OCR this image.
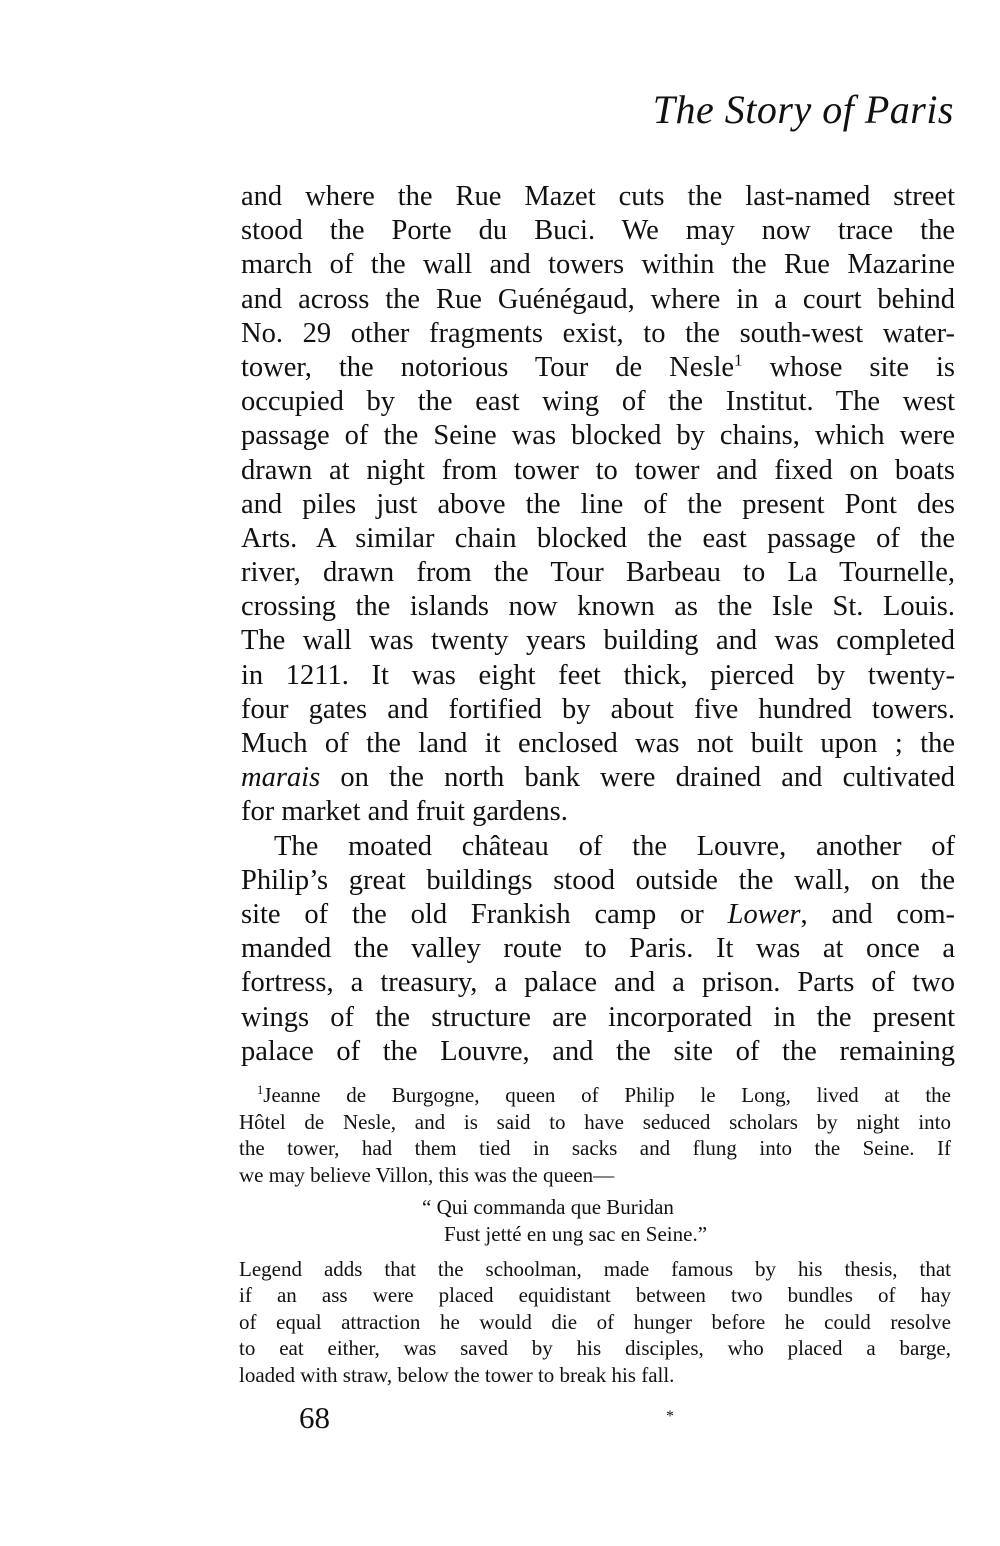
The Story of Paris
and where the Rue Mazet cuts the last-named street
stood the Porte du Buci. We may now trace the
march of the wall and towers within the Rue Mazarine
and across the Rue Guénégaud, where in a court behind
No. 29 other fragments exist, to the south-west water-
tower, the notorious Tour de Nesle$^1$ whose site is
occupied by the east wing of the Institut. The west
passage of the Seine was blocked by chains, which were
drawn at night from tower to tower and fixed on boats
and piles just above the line of the present Pont des
Arts. A similar chain blocked the east passage of the
river, drawn from the Tour Barbeau to La Tournelle,
crossing the islands now known as the Isle St. Louis.
The wall was twenty years building and was completed
in 1211. It was eight feet thick, pierced by twenty-
four gates and fortified by about five hundred towers.
Much of the land it enclosed was not built upon ; the
marais on the north bank were drained and cultivated
for market and fruit gardens.
The moated château of the Louvre, another of
Philip’s great buildings stood outside the wall, on the
site of the old Frankish camp or Lower, and com-
manded the valley route to Paris. It was at once a
fortress, a treasury, a palace and a prison. Parts of two
wings of the structure are incorporated in the present
palace of the Louvre, and the site of the remaining
$^1$Jeanne de Burgogne, queen of Philip le Long, lived at the
Hôtel de Nesle, and is said to have seduced scholars by night into
the tower, had them tied in sacks and flung into the Seine. If
we may believe Villon, this was the queen—
“ Qui commanda que Buridan
Fust jetté en ung sac en Seine.”
Legend adds that the schoolman, made famous by his thesis, that
if an ass were placed equidistant between two bundles of hay
of equal attraction he would die of hunger before he could resolve
to eat either, was saved by his disciples, who placed a barge,
loaded with straw, below the tower to break his fall.
68	*
